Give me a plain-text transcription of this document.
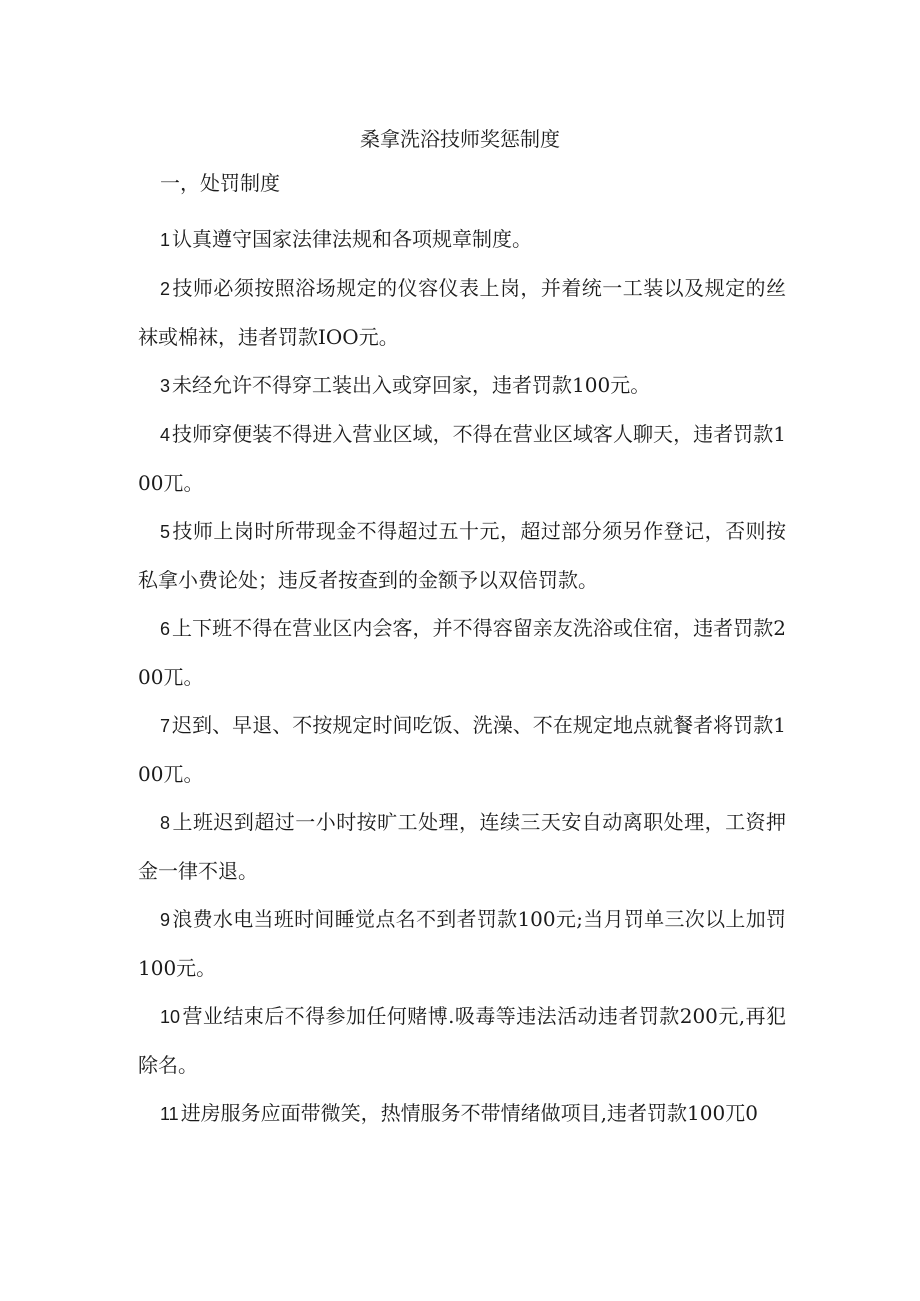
桑拿洗浴技师奖惩制度
一，处罚制度
1 认真遵守国家法律法规和各项规章制度。
2 技师必须按照浴场规定的仪容仪表上岗，并着统一工装以及规定的丝袜或棉袜，违者罚款IOO元。
3 未经允许不得穿工装出入或穿回家，违者罚款100元。
4 技师穿便装不得进入营业区域，不得在营业区域客人聊天，违者罚款100兀。
5 技师上岗时所带现金不得超过五十元，超过部分须另作登记，否则按私拿小费论处；违反者按查到的金额予以双倍罚款。
6 上下班不得在营业区内会客，并不得容留亲友洗浴或住宿，违者罚款200兀。
7 迟到、早退、不按规定时间吃饭、洗澡、不在规定地点就餐者将罚款100兀。
8 上班迟到超过一小时按旷工处理，连续三天安自动离职处理，工资押金一律不退。
9 浪费水电当班时间睡觉点名不到者罚款100元;当月罚单三次以上加罚100元。
10 营业结束后不得参加任何赌博.吸毒等违法活动违者罚款200元,再犯除名。
11 进房服务应面带微笑，热情服务不带情绪做项目,违者罚款100兀0
